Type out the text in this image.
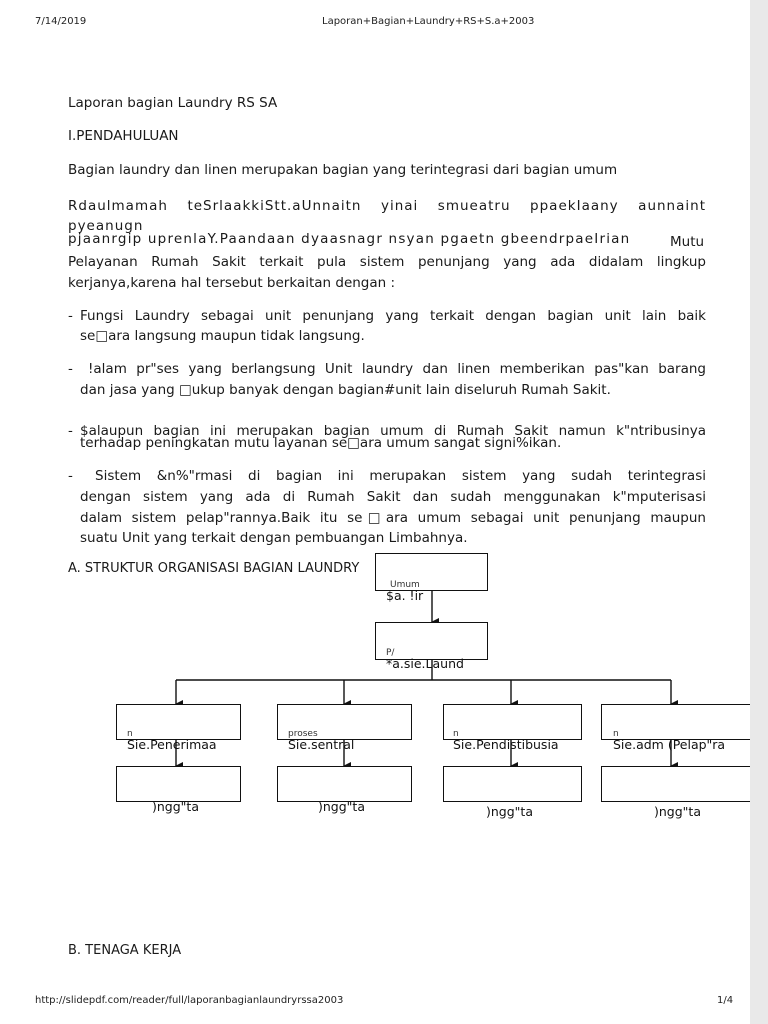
7/14/2019	Laporan+Bagian+Laundry+RS+S.a+2003
Laporan bagian Laundry RS SA
I.PENDAHULUAN
Bagian laundry dan linen merupakan bagian yang terintegrasi dari bagian umum
Rdaulmamah teSrlaakkiStt.aUnnaitn yinai smueatru ppaekIaany aunnaint pyeanugn
pjaanrgip uprenlaY.Paandaan dyaasnagr nsyan pgaetn gbeendrpaeIrian	Mutu
Pelayanan Rumah Sakit terkait pula sistem penunjang yang ada didalam lingkup
kerjanya,karena hal tersebut berkaitan dengan :
- Fungsi Laundry sebagai unit penunjang yang terkait dengan bagian unit lain baik
se□ara langsung maupun tidak langsung.
- !alam pr"ses yang berlangsung Unit laundry dan linen memberikan pas"kan barang
dan jasa yang □ukup banyak dengan bagian#unit lain diseluruh Rumah Sakit.
- $alaupun bagian ini merupakan bagian umum di Rumah Sakit namun k"ntribusinya
terhadap peningkatan mutu layanan se□ara umum sangat signi%ikan.
- Sistem &n%"rmasi di bagian ini merupakan sistem yang sudah terintegrasi
dengan sistem yang ada di Rumah Sakit dan sudah menggunakan k"mputerisasi
dalam sistem pelap"rannya.Baik itu se□ara umum sebagai unit penunjang maupun
suatu Unit yang terkait dengan pembuangan Limbahnya.
A. STRUKTUR ORGANISASI BAGIAN LAUNDRY
Umum
$a. !ir
P/
*a.sie.Laund
n
Sie.Penerimaa
proses
Sie.sentral
n
Sie.Pendistibusia
n
Sie.adm (Pelap"ra
)ngg"ta	)ngg"ta	)ngg"ta	)ngg"ta
B. TENAGA KERJA
http://slidepdf.com/reader/full/laporanbagianlaundryrssa2003	1/4
